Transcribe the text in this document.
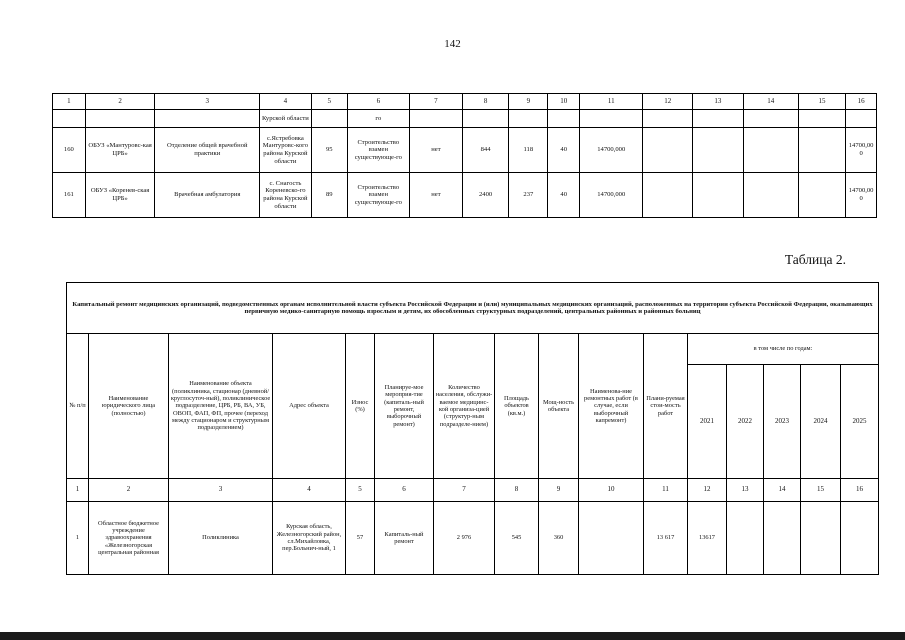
142
1	2	3	4	5	6	7	8	9	10	11	12	13	14	15	16
			Курской области		го										
160	ОБУЗ «Мантуровс-кая ЦРБ»	Отделение общей врачебной практики	с.Ястребовка Мантуровс-кого района Курской области	95	Строительство взамен существующе-го	нет	844	118	40	14700,000					14700,000
161	ОБУЗ «Коренев-ская ЦРБ»	Врачебная амбулатория	с. Снагость Кореневско-го района Курской области	89	Строительство взамен существующе-го	нет	2400	237	40	14700,000					14700,000
Таблица 2.
Капитальный ремонт медицинских организаций, подведомственных органам исполнительной власти субъекта Российской Федерации и (или) муниципальных медицинских организаций, расположенных на территории субъекта Российской Федерации, оказывающих первичную медико-санитарную помощь взрослым и детям, их обособленных структурных подразделений, центральных районных и районных больниц															
№ п/п	Наименование юридического лица (полностью)	Наименование объекта (поликлиника, стационар (дневной/круглосуточ-ный), поликлиническое подразделение, ЦРБ, РБ, ВА, УБ, ОВОП, ФАП, ФП, прочее (переход между стационаром и структурным подразделением)	Адрес объекта	Износ (%)	Планируе-мое мероприя-тие (капиталь-ный ремонт, выборочный ремонт)	Количество населения, обслужи-ваемое медицинс-кой организа-цией (структур-ным подразделе-нием)	Площадь объектов (кв.м.)	Мощ-ность объекта	Наименова-ние ремонтных работ (в случае, если выборочный капремонт)	Плани-руемая стои-мость работ	в том числе по годам:				
											2021	2022	2023	2024	2025
1	2	3	4	5	6	7	8	9	10	11	12	13	14	15	16
1	Областное бюджетное учреждение здравоохранения «Железногорская центральная районная	Поликлиника	Курская область, Железногорский район, сл.Михайловка, пер.Больнич-ный, 1	57	Капиталь-ный ремонт	2 976	545	360		13 617	13617				
